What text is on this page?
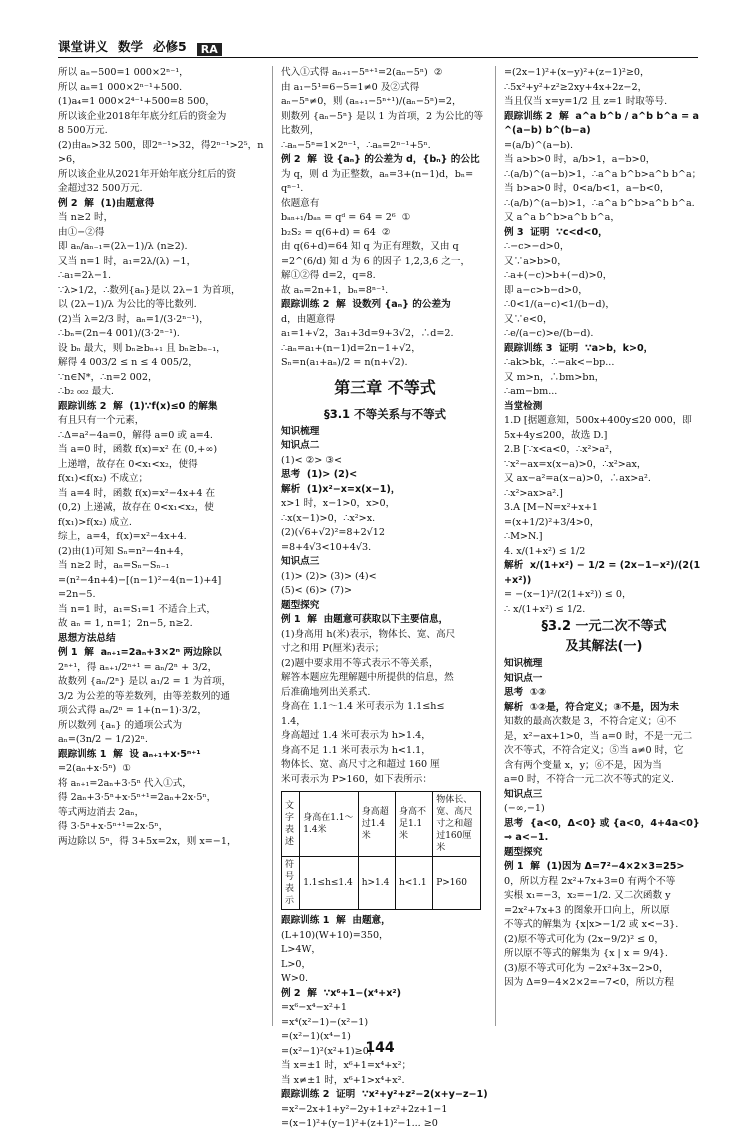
课堂讲义 数学 必修5	RA
所以 aₙ−500=1 000×2ⁿ⁻¹，
所以 aₙ=1 000×2ⁿ⁻¹+500.
(1)a₄=1 000×2⁴⁻¹+500=8 500，
所以该企业2018年年底分红后的资金为
8 500万元.
(2)由aₙ>32 500，即2ⁿ⁻¹>32，得2ⁿ⁻¹>2⁵，n>6，
所以该企业从2021年开始年底分红后的资
金超过32 500万元.
例 2  解  (1)由题意得
当 n≥2 时，
由①−②得
即 aₙ/aₙ₋₁=(2λ−1)/λ (n≥2).
又当 n=1 时，a₁=2λ/(λ) −1，
∴a₁=2λ−1.
∵λ>1/2，∴数列{aₙ}是以 2λ−1 为首项，
以 (2λ−1)/λ 为公比的等比数列.
(2)当 λ=2/3 时，aₙ=1/(3·2ⁿ⁻¹)，
∴bₙ=(2n−4 001)/(3·2ⁿ⁻¹).
设 bₙ 最大，则 bₙ≥bₙ₊₁ 且 bₙ≥bₙ₋₁，
解得 4 003/2 ≤ n ≤ 4 005/2，
∵n∈N*，∴n=2 002，
∴b₂ ₀₀₂ 最大.
跟踪训练 2  解  (1)∵f(x)≤0 的解集
有且只有一个元素，
∴Δ=a²−4a=0，解得 a=0 或 a=4.
当 a=0 时，函数 f(x)=x² 在 (0,+∞)
上递增，故存在 0<x₁<x₂，使得
f(x₁)<f(x₂) 不成立；
当 a=4 时，函数 f(x)=x²−4x+4 在
(0,2) 上递减，故存在 0<x₁<x₂，使
f(x₁)>f(x₂) 成立.
综上，a=4，f(x)=x²−4x+4.
(2)由(1)可知 Sₙ=n²−4n+4，
当 n≥2 时，aₙ=Sₙ−Sₙ₋₁
=(n²−4n+4)−[(n−1)²−4(n−1)+4]
=2n−5.
当 n=1 时，a₁=S₁=1 不适合上式，
故 aₙ = 1, n=1；2n−5, n≥2.
思想方法总结
例 1  解  aₙ₊₁=2aₙ+3×2ⁿ 两边除以
2ⁿ⁺¹，得 aₙ₊₁/2ⁿ⁺¹ = aₙ/2ⁿ + 3/2，
故数列 {aₙ/2ⁿ} 是以 a₁/2 = 1 为首项，
3/2 为公差的等差数列，由等差数列的通
项公式得 aₙ/2ⁿ = 1+(n−1)·3/2，
所以数列 {aₙ} 的通项公式为
aₙ=(3n/2 − 1/2)2ⁿ.
跟踪训练 1  解  设 aₙ₊₁+x·5ⁿ⁺¹
=2(aₙ+x·5ⁿ)  ①
将 aₙ₊₁=2aₙ+3·5ⁿ 代入①式，
得 2aₙ+3·5ⁿ+x·5ⁿ⁺¹=2aₙ+2x·5ⁿ，
等式两边消去 2aₙ，
得 3·5ⁿ+x·5ⁿ⁺¹=2x·5ⁿ，
两边除以 5ⁿ，得 3+5x=2x，则 x=−1，
代入①式得 aₙ₊₁−5ⁿ⁺¹=2(aₙ−5ⁿ)  ②
由 a₁−5¹=6−5=1≠0 及②式得
aₙ−5ⁿ≠0，则 (aₙ₊₁−5ⁿ⁺¹)/(aₙ−5ⁿ)=2，
则数列 {aₙ−5ⁿ} 是以 1 为首项，2 为公比的等
比数列，
∴aₙ−5ⁿ=1×2ⁿ⁻¹，∴aₙ=2ⁿ⁻¹+5ⁿ.
例 2  解  设 {aₙ} 的公差为 d，{bₙ} 的公比
为 q，则 d 为正整数，aₙ=3+(n−1)d，bₙ=
qⁿ⁻¹.
依题意有
bₐₙ₊₁/bₐₙ = qᵈ = 64 = 2⁶  ①
b₂S₂ = q(6+d) = 64  ②
由 q(6+d)=64 知 q 为正有理数，又由 q
=2^(6/d) 知 d 为 6 的因子 1,2,3,6 之一，
解①②得 d=2，q=8.
故 aₙ=2n+1，bₙ=8ⁿ⁻¹.
跟踪训练 2  解  设数列 {aₙ} 的公差为
d，由题意得
a₁=1+√2，3a₁+3d=9+3√2，∴d=2.
∴aₙ=a₁+(n−1)d=2n−1+√2，
Sₙ=n(a₁+aₙ)/2 = n(n+√2).
第三章 不等式
§3.1 不等关系与不等式
知识梳理
知识点二
(1)< ②> ③<
思考  (1)> (2)<
解析  (1)x²−x=x(x−1)，
x>1 时，x−1>0，x>0，
∴x(x−1)>0，∴x²>x.
(2)(√6+√2)²=8+2√12
=8+4√3<10+4√3.
知识点三
(1)> (2)> (3)> (4)<
(5)< (6)> (7)>
题型探究
例 1  解  由题意可获取以下主要信息，
(1)身高用 h(米)表示，物体长、宽、高尺
寸之和用 P(厘米)表示；
(2)题中要求用不等式表示不等关系，
解答本题应先理解题中所提供的信息，然
后准确地列出关系式.
身高在 1.1～1.4 米可表示为 1.1≤h≤
1.4，
身高超过 1.4 米可表示为 h>1.4，
身高不足 1.1 米可表示为 h<1.1，
物体长、宽、高尺寸之和超过 160 厘
米可表示为 P>160，如下表所示：
文字表述	身高在1.1～1.4米	身高超过1.4米	身高不足1.1米	物体长、宽、高尺寸之和超过160厘米
符号表示	1.1≤h≤1.4	h>1.4	h<1.1	P>160
跟踪训练 1  解  由题意，
(L+10)(W+10)=350，
L>4W，
L>0，
W>0.
例 2  解  ∵x⁶+1−(x⁴+x²)
=x⁶−x⁴−x²+1
=x⁴(x²−1)−(x²−1)
=(x²−1)(x⁴−1)
=(x²−1)²(x²+1)≥0，
当 x=±1 时，x⁶+1=x⁴+x²；
当 x≠±1 时，x⁶+1>x⁴+x².
跟踪训练 2  证明  ∵x²+y²+z²−2(x+y−z−1)
=x²−2x+1+y²−2y+1+z²+2z+1−1
=(x−1)²+(y−1)²+(z+1)²−1... ≥0
=(2x−1)²+(x−y)²+(z−1)²≥0，
∴5x²+y²+z²≥2xy+4x+2z−2，
当且仅当 x=y=1/2 且 z=1 时取等号.
跟踪训练 2  解  a^a b^b / a^b b^a = a^(a−b) b^(b−a)
=(a/b)^(a−b).
当 a>b>0 时，a/b>1，a−b>0，
∴(a/b)^(a−b)>1，∴a^a b^b>a^b b^a；
当 b>a>0 时，0<a/b<1，a−b<0，
∴(a/b)^(a−b)>1，∴a^a b^b>a^b b^a.
又 a^a b^b>a^b b^a，
例 3  证明  ∵c<d<0，
∴−c>−d>0，
又∵a>b>0，
∴a+(−c)>b+(−d)>0，
即 a−c>b−d>0，
∴0<1/(a−c)<1/(b−d)，
又∵e<0，
∴e/(a−c)>e/(b−d).
跟踪训练 3  证明  ∵a>b，k>0，
∴ak>bk，∴−ak<−bp...
又 m>n，∴bm>bn，
∴am−bm...
当堂检测
1.D [据题意知，500x+400y≤20 000，即
5x+4y≤200，故选 D.]
2.B [∵x<a<0，∴x²>a²，
∵x²−ax=x(x−a)>0，∴x²>ax，
又 ax−a²=a(x−a)>0，∴ax>a².
∴x²>ax>a².]
3.A [M−N=x²+x+1
=(x+1/2)²+3/4>0，
∴M>N.]
4. x/(1+x²) ≤ 1/2
解析  x/(1+x²) − 1/2 = (2x−1−x²)/(2(1+x²))
= −(x−1)²/(2(1+x²)) ≤ 0，
∴ x/(1+x²) ≤ 1/2.
§3.2 一元二次不等式
及其解法(一)
知识梳理
知识点一
思考  ①②
解析  ①②是，符合定义；③不是，因为未
知数的最高次数是 3，不符合定义；④不
是，x²−ax+1>0，当 a=0 时，不是一元二
次不等式，不符合定义；⑤当 a≠0 时，它
含有两个变量 x，y；⑥不是，因为当
a=0 时，不符合一元二次不等式的定义.
知识点三
(−∞,−1)
思考  {a<0，Δ<0} 或 {a<0，4+4a<0} ⇒ a<−1.
题型探究
例 1  解  (1)因为 Δ=7²−4×2×3=25>
0，所以方程 2x²+7x+3=0 有两个不等
实根 x₁=−3，x₂=−1/2. 又二次函数 y
=2x²+7x+3 的图象开口向上，所以原
不等式的解集为 {x|x>−1/2 或 x<−3}.
(2)原不等式可化为 (2x−9/2)² ≤ 0，
所以原不等式的解集为 {x | x = 9/4}.
(3)原不等式可化为 −2x²+3x−2>0，
因为 Δ=9−4×2×2=−7<0，所以方程
144
